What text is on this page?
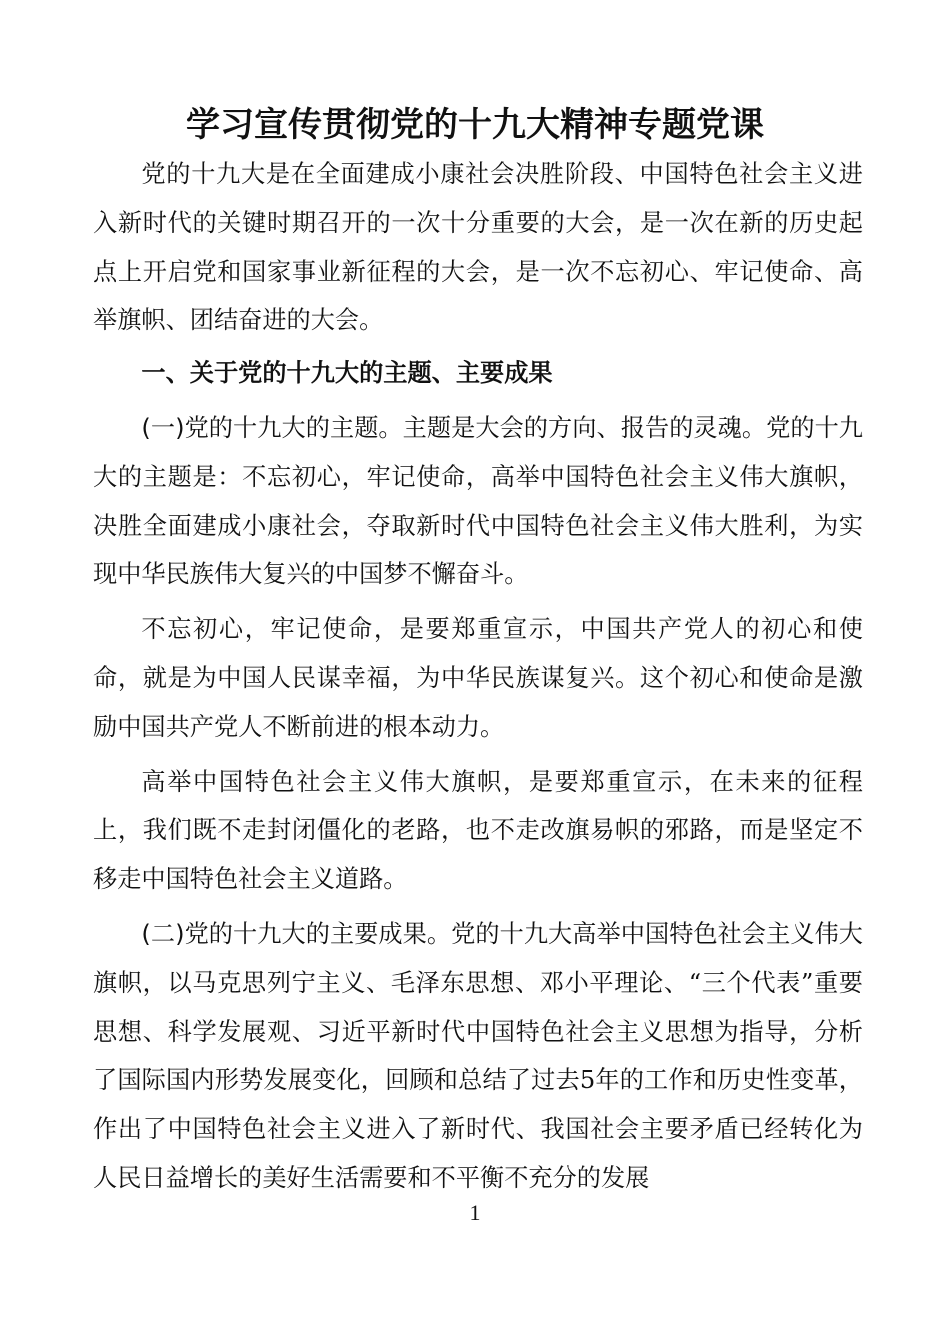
学习宣传贯彻党的十九大精神专题党课

党的十九大是在全面建成小康社会决胜阶段、中国特色社会主义进入新时代的关键时期召开的一次十分重要的大会，是一次在新的历史起点上开启党和国家事业新征程的大会，是一次不忘初心、牢记使命、高举旗帜、团结奋进的大会。

一、关于党的十九大的主题、主要成果

(一)党的十九大的主题。主题是大会的方向、报告的灵魂。党的十九大的主题是：不忘初心，牢记使命，高举中国特色社会主义伟大旗帜，决胜全面建成小康社会，夺取新时代中国特色社会主义伟大胜利，为实现中华民族伟大复兴的中国梦不懈奋斗。

不忘初心，牢记使命，是要郑重宣示，中国共产党人的初心和使命，就是为中国人民谋幸福，为中华民族谋复兴。这个初心和使命是激励中国共产党人不断前进的根本动力。

高举中国特色社会主义伟大旗帜，是要郑重宣示，在未来的征程上，我们既不走封闭僵化的老路，也不走改旗易帜的邪路，而是坚定不移走中国特色社会主义道路。

(二)党的十九大的主要成果。党的十九大高举中国特色社会主义伟大旗帜，以马克思列宁主义、毛泽东思想、邓小平理论、“三个代表”重要思想、科学发展观、习近平新时代中国特色社会主义思想为指导，分析了国际国内形势发展变化，回顾和总结了过去5年的工作和历史性变革，作出了中国特色社会主义进入了新时代、我国社会主要矛盾已经转化为人民日益增长的美好生活需要和不平衡不充分的发展

1
